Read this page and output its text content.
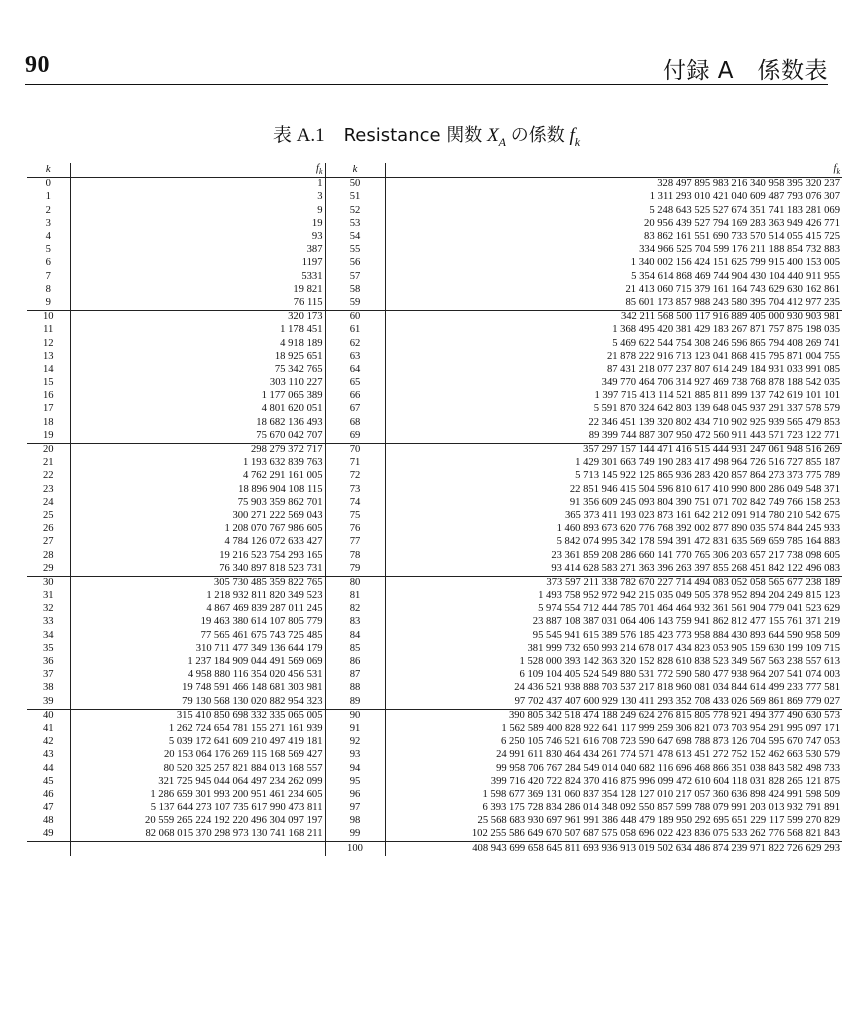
90	付録 A　係数表
表 A.1 Resistance 関数 $X_A$ の係数 $f_k$
k	$f_k$	k	$f_k$
0	1	50	328 497 895 983 216 340 958 395 320 237
1	3	51	1 311 293 010 421 040 609 487 793 076 307
2	9	52	5 248 643 525 527 674 351 741 183 281 069
3	19	53	20 956 439 527 794 169 283 363 949 426 771
4	93	54	83 862 161 551 690 733 570 514 055 415 725
5	387	55	334 966 525 704 599 176 211 188 854 732 883
6	1197	56	1 340 002 156 424 151 625 799 915 400 153 005
7	5331	57	5 354 614 868 469 744 904 430 104 440 911 955
8	19 821	58	21 413 060 715 379 161 164 743 629 630 162 861
9	76 115	59	85 601 173 857 988 243 580 395 704 412 977 235
10	320 173	60	342 211 568 500 117 916 889 405 000 930 903 981
11	1 178 451	61	1 368 495 420 381 429 183 267 871 757 875 198 035
12	4 918 189	62	5 469 622 544 754 308 246 596 865 794 408 269 741
13	18 925 651	63	21 878 222 916 713 123 041 868 415 795 871 004 755
14	75 342 765	64	87 431 218 077 237 807 614 249 184 931 033 991 085
15	303 110 227	65	349 770 464 706 314 927 469 738 768 878 188 542 035
16	1 177 065 389	66	1 397 715 413 114 521 885 811 899 137 742 619 101 101
17	4 801 620 051	67	5 591 870 324 642 803 139 648 045 937 291 337 578 579
18	18 682 136 493	68	22 346 451 139 320 802 434 710 902 925 939 565 479 853
19	75 670 042 707	69	89 399 744 887 307 950 472 560 911 443 571 723 122 771
20	298 279 372 717	70	357 297 157 144 471 416 515 444 931 247 061 948 516 269
21	1 193 632 839 763	71	1 429 301 663 749 190 283 417 498 964 726 516 727 855 187
22	4 762 291 161 005	72	5 713 145 922 125 865 936 283 420 857 864 273 373 775 789
23	18 896 904 108 115	73	22 851 946 415 504 596 810 617 410 990 800 286 049 548 371
24	75 903 359 862 701	74	91 356 609 245 093 804 390 751 071 702 842 749 766 158 253
25	300 271 222 569 043	75	365 373 411 193 023 873 161 642 212 091 914 780 210 542 675
26	1 208 070 767 986 605	76	1 460 893 673 620 776 768 392 002 877 890 035 574 844 245 933
27	4 784 126 072 633 427	77	5 842 074 995 342 178 594 391 472 831 635 569 659 785 164 883
28	19 216 523 754 293 165	78	23 361 859 208 286 660 141 770 765 306 203 657 217 738 098 605
29	76 340 897 818 523 731	79	93 414 628 583 271 363 396 263 397 855 268 451 842 122 496 083
30	305 730 485 359 822 765	80	373 597 211 338 782 670 227 714 494 083 052 058 565 677 238 189
31	1 218 932 811 820 349 523	81	1 493 758 952 972 942 215 035 049 505 378 952 894 204 249 815 123
32	4 867 469 839 287 011 245	82	5 974 554 712 444 785 701 464 464 932 361 561 904 779 041 523 629
33	19 463 380 614 107 805 779	83	23 887 108 387 031 064 406 143 759 941 862 812 477 155 761 371 219
34	77 565 461 675 743 725 485	84	95 545 941 615 389 576 185 423 773 958 884 430 893 644 590 958 509
35	310 711 477 349 136 644 179	85	381 999 732 650 993 214 678 017 434 823 053 905 159 630 199 109 715
36	1 237 184 909 044 491 569 069	86	1 528 000 393 142 363 320 152 828 610 838 523 349 567 563 238 557 613
37	4 958 880 116 354 020 456 531	87	6 109 104 405 524 549 880 531 772 590 580 477 938 964 207 541 074 003
38	19 748 591 466 148 681 303 981	88	24 436 521 938 888 703 537 217 818 960 081 034 844 614 499 233 777 581
39	79 130 568 130 020 882 954 323	89	97 702 437 407 600 929 130 411 293 352 708 433 026 569 861 869 779 027
40	315 410 850 698 332 335 065 005	90	390 805 342 518 474 188 249 624 276 815 805 778 921 494 377 490 630 573
41	1 262 724 654 781 155 271 161 939	91	1 562 589 400 828 922 641 117 999 259 306 821 073 703 954 291 995 097 171
42	5 039 172 641 609 210 497 419 181	92	6 250 105 746 521 616 708 723 590 647 698 788 873 126 704 595 670 747 053
43	20 153 064 176 269 115 168 569 427	93	24 991 611 830 464 434 261 774 571 478 613 451 272 752 152 462 663 530 579
44	80 520 325 257 821 884 013 168 557	94	99 958 706 767 284 549 014 040 682 116 696 468 866 351 038 843 582 498 733
45	321 725 945 044 064 497 234 262 099	95	399 716 420 722 824 370 416 875 996 099 472 610 604 118 031 828 265 121 875
46	1 286 659 301 993 200 951 461 234 605	96	1 598 677 369 131 060 837 354 128 127 010 217 057 360 636 898 424 991 598 509
47	5 137 644 273 107 735 617 990 473 811	97	6 393 175 728 834 286 014 348 092 550 857 599 788 079 991 203 013 932 791 891
48	20 559 265 224 192 220 496 304 097 197	98	25 568 683 930 697 961 991 386 448 479 189 950 292 695 651 229 117 599 270 829
49	82 068 015 370 298 973 130 741 168 211	99	102 255 586 649 670 507 687 575 058 696 022 423 836 075 533 262 776 568 821 843
		100	408 943 699 658 645 811 693 936 913 019 502 634 486 874 239 971 822 726 629 293
